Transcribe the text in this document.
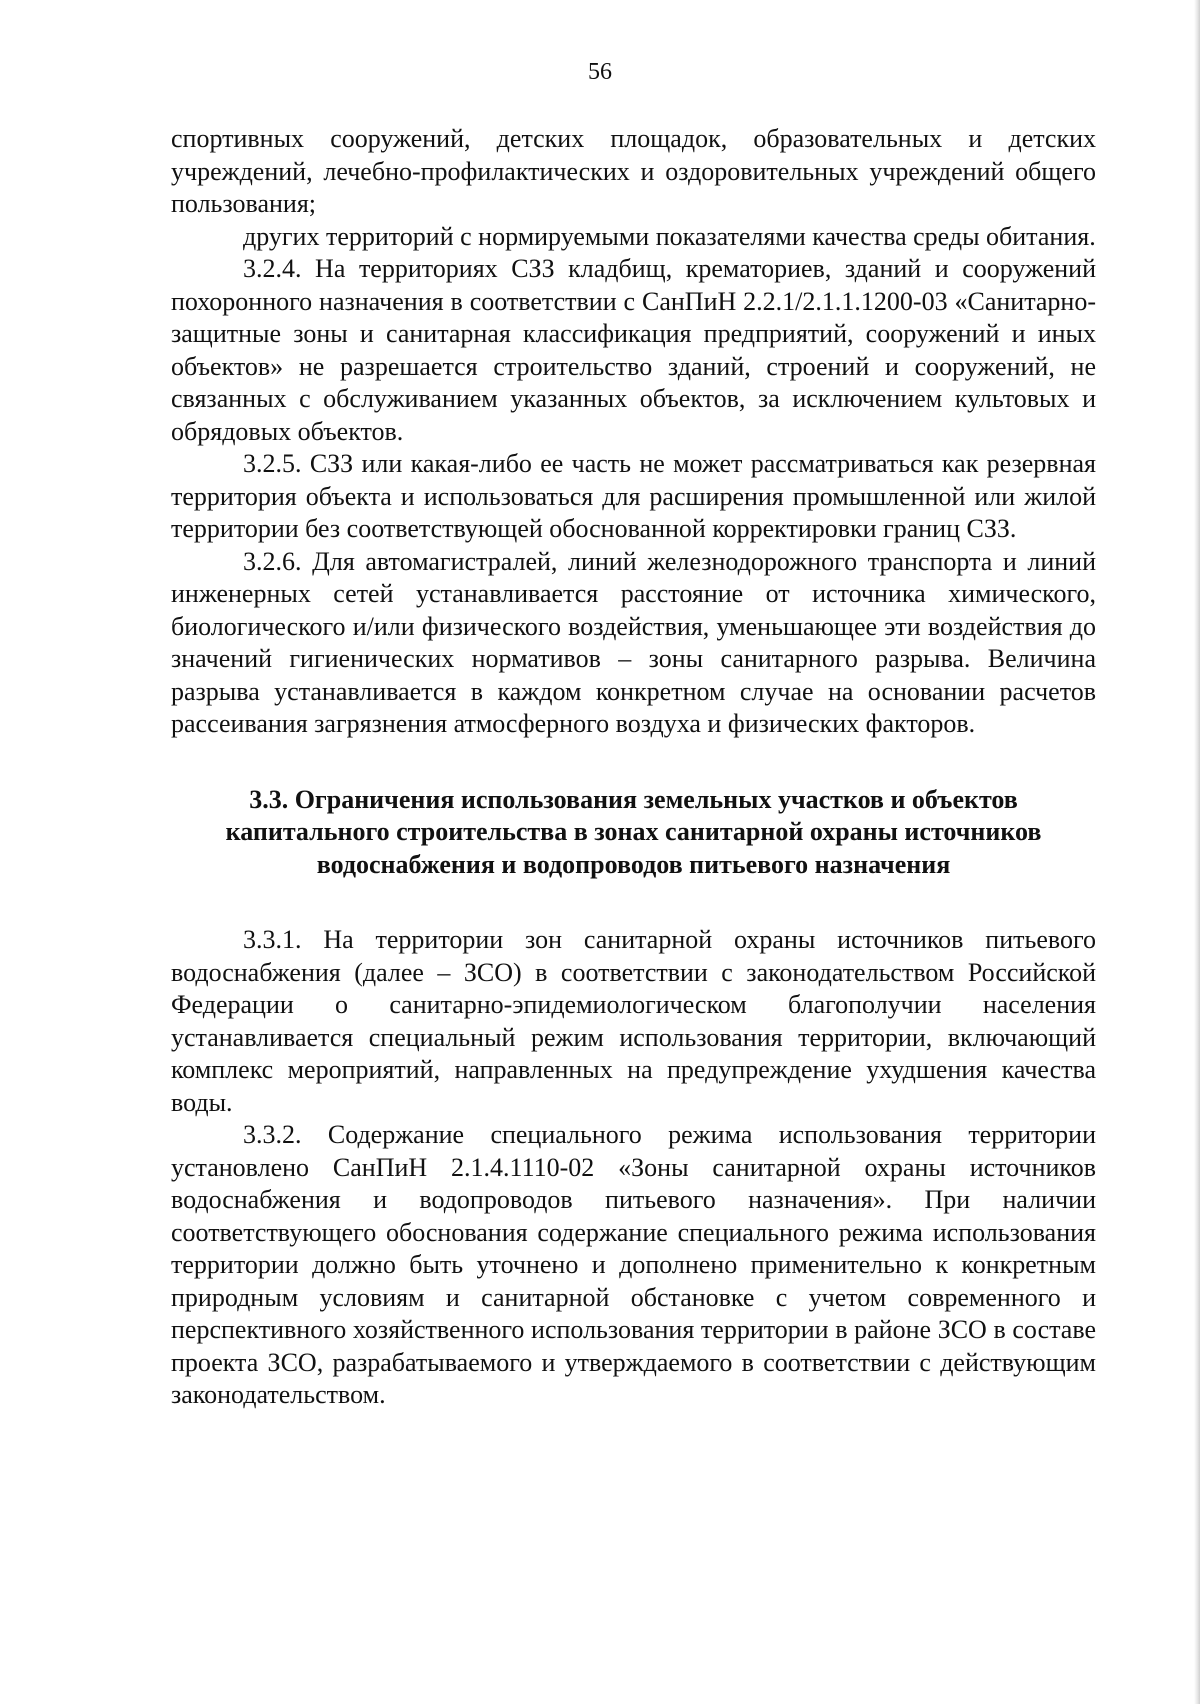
56

спортивных сооружений, детских площадок, образовательных и детских учреждений, лечебно-профилактических и оздоровительных учреждений общего пользования;

других территорий с нормируемыми показателями качества среды обитания.

3.2.4. На территориях СЗЗ кладбищ, крематориев, зданий и сооружений похоронного назначения в соответствии с СанПиН 2.2.1/2.1.1.1200-03 «Санитарно-защитные зоны и санитарная классификация предприятий, сооружений и иных объектов» не разрешается строительство зданий, строений и сооружений, не связанных с обслуживанием указанных объектов, за исключением культовых и обрядовых объектов.

3.2.5. СЗЗ или какая-либо ее часть не может рассматриваться как резервная территория объекта и использоваться для расширения промышленной или жилой территории без соответствующей обоснованной корректировки границ СЗЗ.

3.2.6. Для автомагистралей, линий железнодорожного транспорта и линий инженерных сетей устанавливается расстояние от источника химического, биологического и/или физического воздействия, уменьшающее эти воздействия до значений гигиенических нормативов – зоны санитарного разрыва. Величина разрыва устанавливается в каждом конкретном случае на основании расчетов рассеивания загрязнения атмосферного воздуха и физических факторов.

3.3. Ограничения использования земельных участков и объектов
капитального строительства в зонах санитарной охраны источников
водоснабжения и водопроводов питьевого назначения

3.3.1. На территории зон санитарной охраны источников питьевого водоснабжения (далее – ЗСО) в соответствии с законодательством Российской Федерации о санитарно-эпидемиологическом благополучии населения устанавливается специальный режим использования территории, включающий комплекс мероприятий, направленных на предупреждение ухудшения качества воды.

3.3.2. Содержание специального режима использования территории установлено СанПиН 2.1.4.1110-02 «Зоны санитарной охраны источников водоснабжения и водопроводов питьевого назначения». При наличии соответствующего обоснования содержание специального режима использования территории должно быть уточнено и дополнено применительно к конкретным природным условиям и санитарной обстановке с учетом современного и перспективного хозяйственного использования территории в районе ЗСО в составе проекта ЗСО, разрабатываемого и утверждаемого в соответствии с действующим законодательством.
